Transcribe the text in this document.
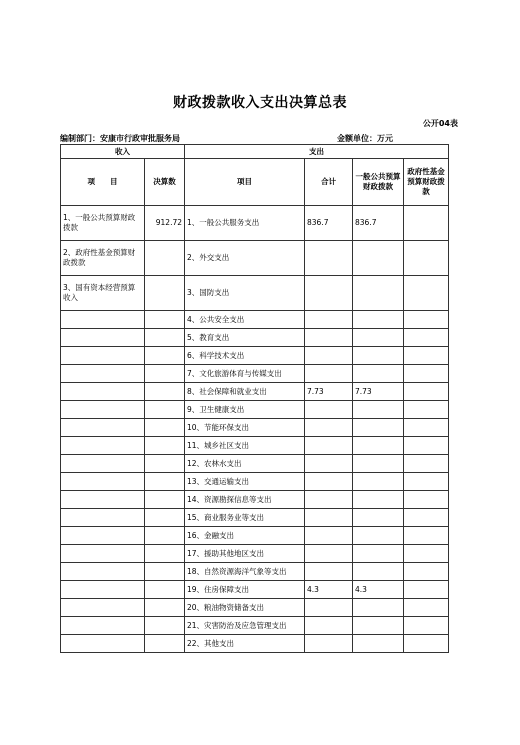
财政拨款收入支出决算总表
公开04表
编制部门：安康市行政审批服务局	金额单位：万元
收入		支出			
项　　目	决算数	项目	合计	一般公共预算财政拨款	政府性基金预算财政拨款
1、一般公共预算财政拨款	912.72	1、一般公共服务支出	836.7	836.7	
2、政府性基金预算财政拨款		2、外交支出			
3、国有资本经营预算收入		3、国防支出			
		4、公共安全支出			
		5、教育支出			
		6、科学技术支出			
		7、文化旅游体育与传媒支出			
		8、社会保障和就业支出	7.73	7.73	
		9、卫生健康支出			
		10、节能环保支出			
		11、城乡社区支出			
		12、农林水支出			
		13、交通运输支出			
		14、资源勘探信息等支出			
		15、商业服务业等支出			
		16、金融支出			
		17、援助其他地区支出			
		18、自然资源海洋气象等支出			
		19、住房保障支出	4.3	4.3	
		20、粮油物资储备支出			
		21、灾害防治及应急管理支出			
		22、其他支出			
